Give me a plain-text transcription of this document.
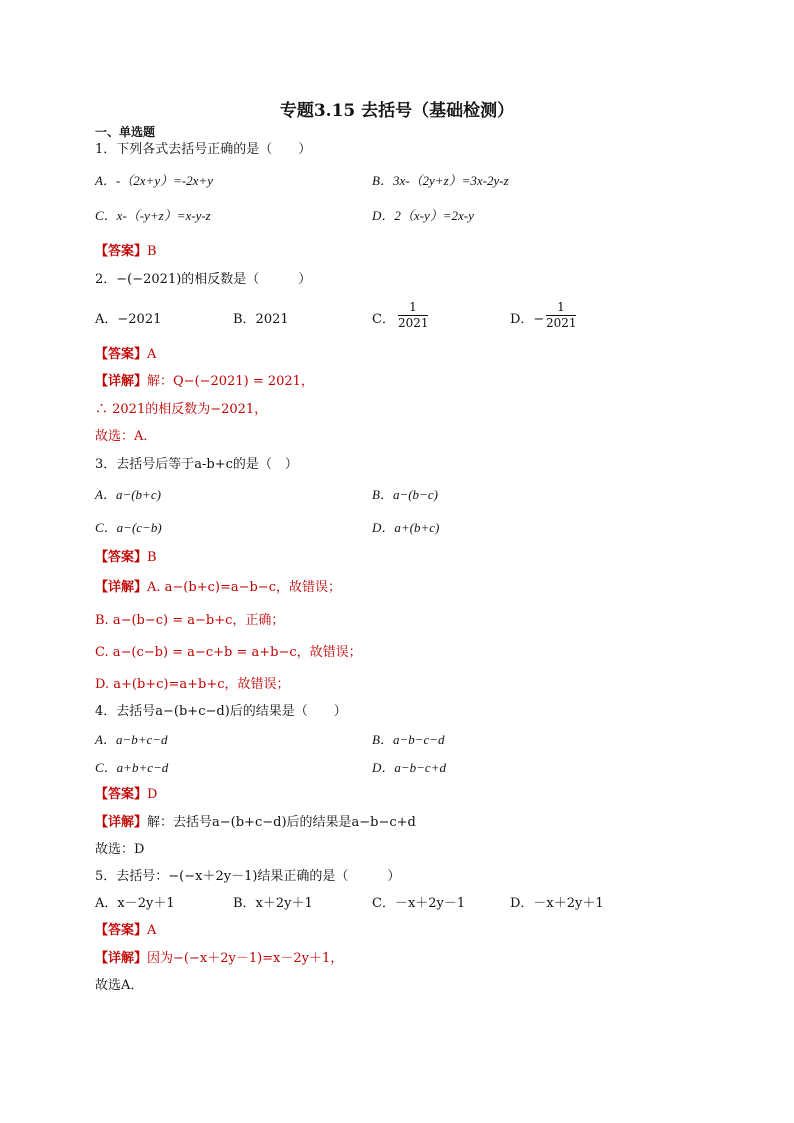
专题3.15 去括号（基础检测）
一、单选题
1．下列各式去括号正确的是（　　）
A．-（2x+y）=-2x+y	B．3x-（2y+z）=3x-2y-z
C．x-（-y+z）=x-y-z	D．2（x-y）=2x-y
【答案】B
2．−(−2021)的相反数是（　　　）
A．−2021	B．2021	C． $\frac{1}{2021}$	D．− $\frac{1}{2021}$
【答案】A
【详解】解：Q−(−2021) = 2021，
∴ 2021的相反数为−2021，
故选：A．
3．去括号后等于a-b+c的是（　）
A．a−(b+c)	B．a−(b−c)
C．a−(c−b)	D．a+(b+c)
【答案】B
【详解】A. a−(b+c)=a−b−c，故错误；
B. a−(b−c) = a−b+c，正确；
C. a−(c−b) = a−c+b = a+b−c，故错误；
D. a+(b+c)=a+b+c，故错误；
4．去括号a−(b+c−d)后的结果是（　　）
A．a−b+c−d	B．a−b−c−d
C．a+b+c−d	D．a−b−c+d
【答案】D
【详解】解：去括号a−(b+c−d)后的结果是a−b−c+d
故选：D
5．去括号：−(−x＋2y－1)结果正确的是（　　　）
A．x－2y＋1	B．x＋2y＋1	C．－x＋2y－1	D．－x＋2y＋1
【答案】A
【详解】因为−(−x＋2y－1)=x－2y＋1，
故选A．
